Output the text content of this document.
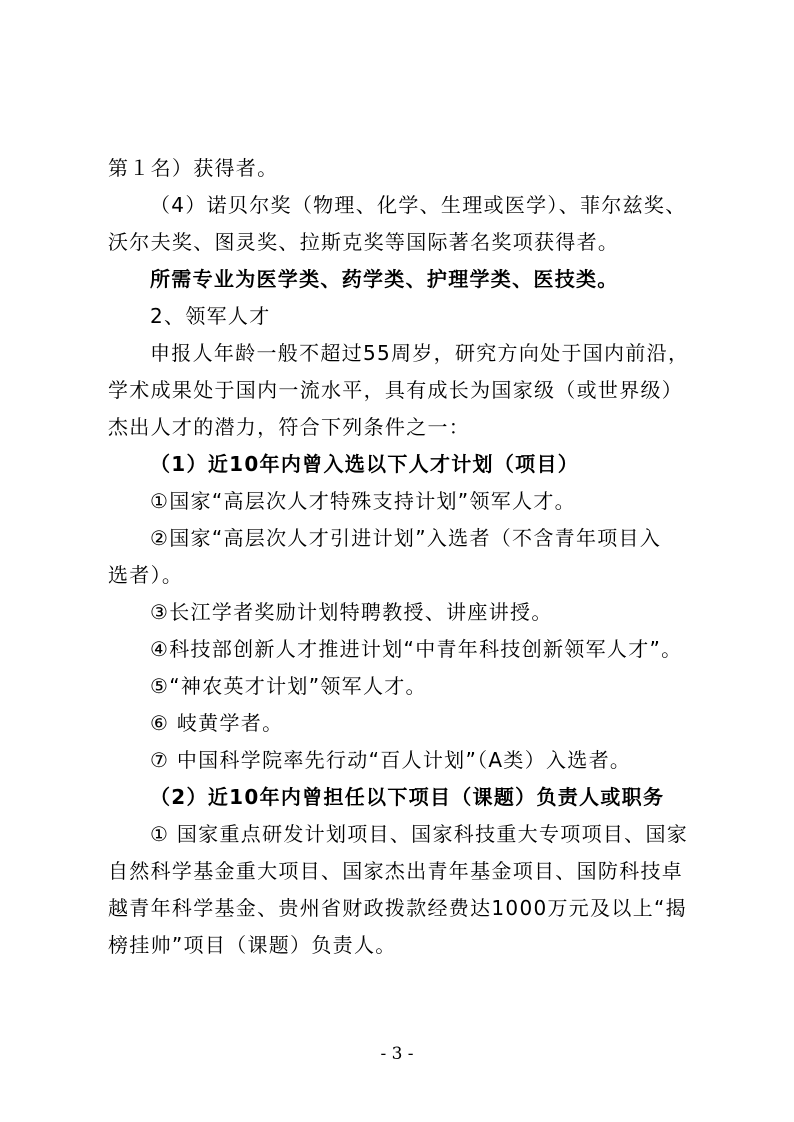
第１名）获得者。
（4）诺贝尔奖（物理、化学、生理或医学）、菲尔兹奖、
沃尔夫奖、图灵奖、拉斯克奖等国际著名奖项获得者。
所需专业为医学类、药学类、护理学类、医技类。
2、领军人才
申报人年龄一般不超过55周岁，研究方向处于国内前沿，
学术成果处于国内一流水平，具有成长为国家级（或世界级）
杰出人才的潜力，符合下列条件之一：
（1）近10年内曾入选以下人才计划（项目）
①国家“高层次人才特殊支持计划”领军人才。
②国家“高层次人才引进计划”入选者（不含青年项目入
选者）。
③长江学者奖励计划特聘教授、讲座讲授。
④科技部创新人才推进计划“中青年科技创新领军人才”。
⑤“神农英才计划”领军人才。
⑥ 岐黄学者。
⑦ 中国科学院率先行动“百人计划”（A类）入选者。
（2）近10年内曾担任以下项目（课题）负责人或职务
① 国家重点研发计划项目、国家科技重大专项项目、国家
自然科学基金重大项目、国家杰出青年基金项目、国防科技卓
越青年科学基金、贵州省财政拨款经费达1000万元及以上“揭
榜挂帅”项目（课题）负责人。
- 3 -
